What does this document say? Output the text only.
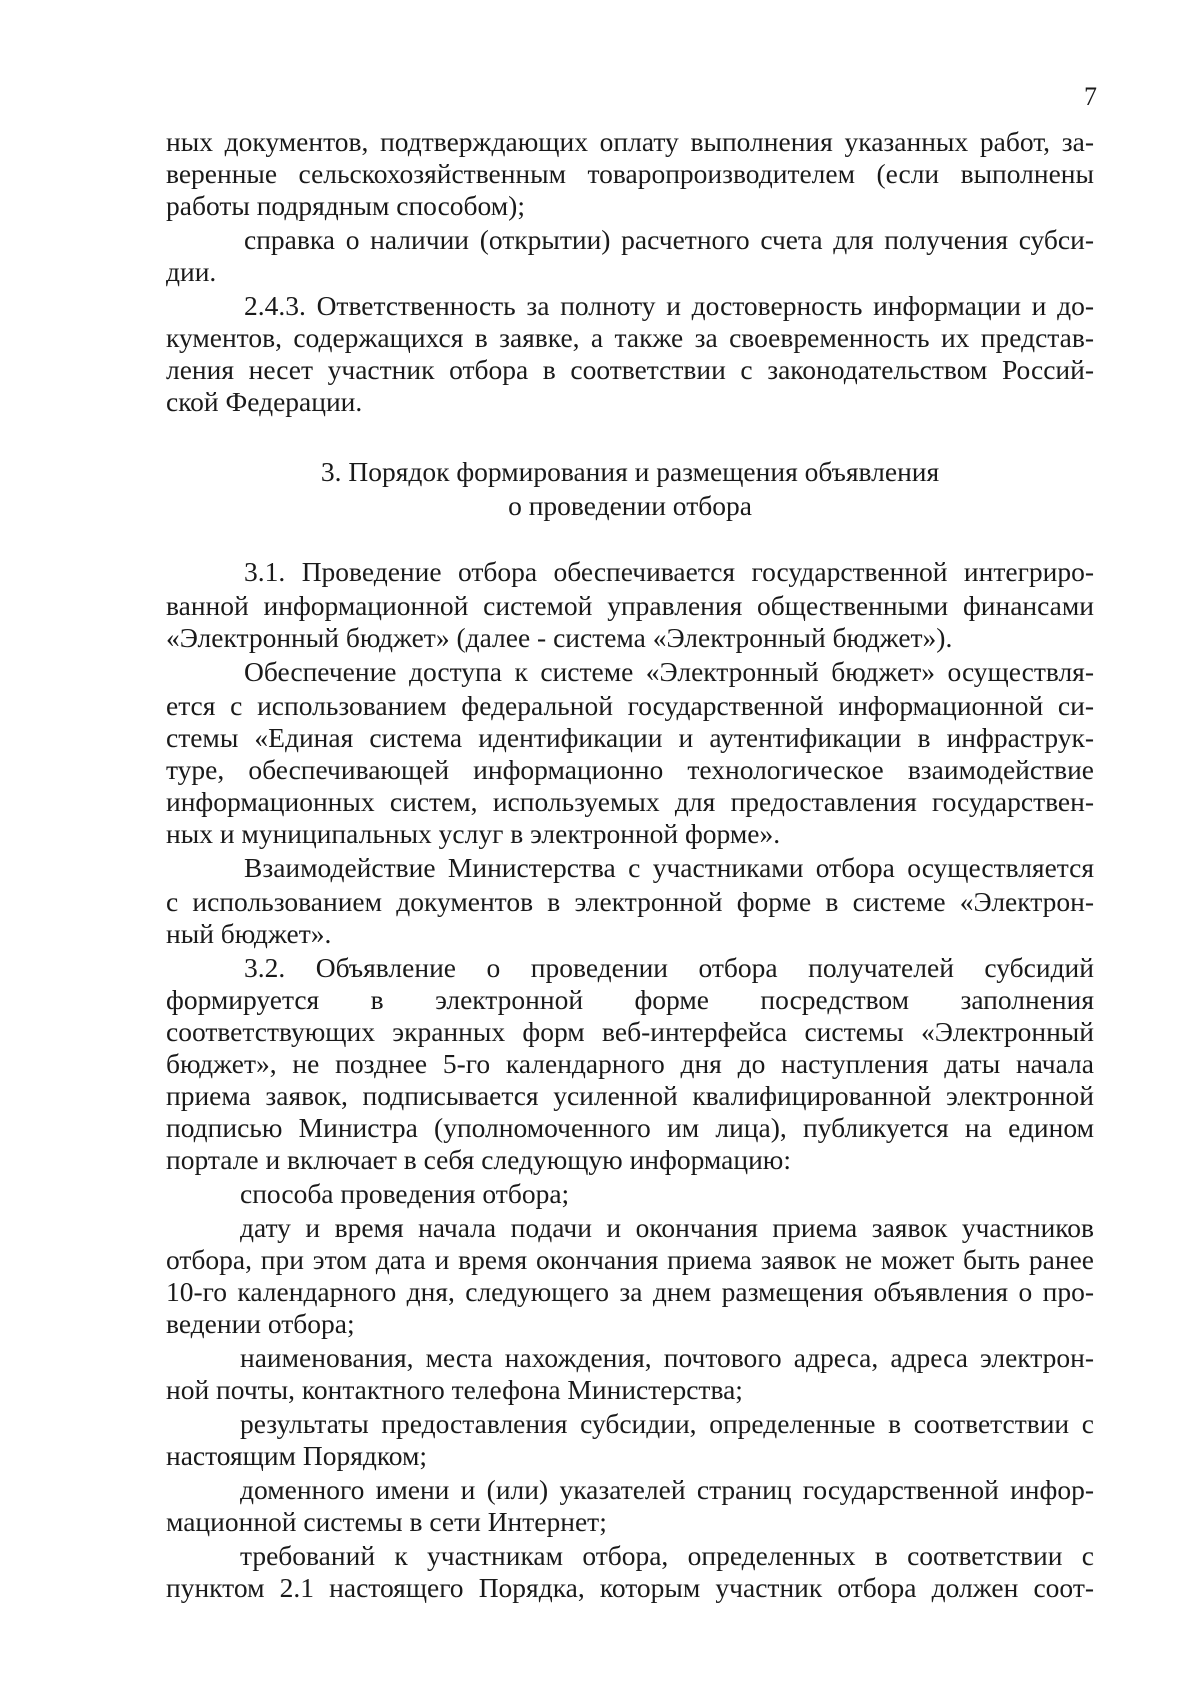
7
ных документов, подтверждающих оплату выполнения указанных работ, за-
веренные сельскохозяйственным товаропроизводителем (если выполнены
работы подрядным способом);
справка о наличии (открытии) расчетного счета для получения субси-
дии.
2.4.3. Ответственность за полноту и достоверность информации и до-
кументов, содержащихся в заявке, а также за своевременность их представ-
ления несет участник отбора в соответствии с законодательством Россий-
ской Федерации.
3. Порядок формирования и размещения объявления
о проведении отбора
3.1. Проведение отбора обеспечивается государственной интегриро-
ванной информационной системой управления общественными финансами
«Электронный бюджет» (далее - система «Электронный бюджет»).
Обеспечение доступа к системе «Электронный бюджет» осуществля-
ется с использованием федеральной государственной информационной си-
стемы «Единая система идентификации и аутентификации в инфраструк-
туре, обеспечивающей информационно технологическое взаимодействие
информационных систем, используемых для предоставления государствен-
ных и муниципальных услуг в электронной форме».
Взаимодействие Министерства с участниками отбора осуществляется
с использованием документов в электронной форме в системе «Электрон-
ный бюджет».
3.2. Объявление о проведении отбора получателей субсидий
формируется в электронной форме посредством заполнения
соответствующих экранных форм веб-интерфейса системы «Электронный
бюджет», не позднее 5-го календарного дня до наступления даты начала
приема заявок, подписывается усиленной квалифицированной электронной
подписью Министра (уполномоченного им лица), публикуется на едином
портале и включает в себя следующую информацию:
способа проведения отбора;
дату и время начала подачи и окончания приема заявок участников
отбора, при этом дата и время окончания приема заявок не может быть ранее
10-го календарного дня, следующего за днем размещения объявления о про-
ведении отбора;
наименования, места нахождения, почтового адреса, адреса электрон-
ной почты, контактного телефона Министерства;
результаты предоставления субсидии, определенные в соответствии с
настоящим Порядком;
доменного имени и (или) указателей страниц государственной инфор-
мационной системы в сети Интернет;
требований к участникам отбора, определенных в соответствии с
пунктом 2.1 настоящего Порядка, которым участник отбора должен соот-
